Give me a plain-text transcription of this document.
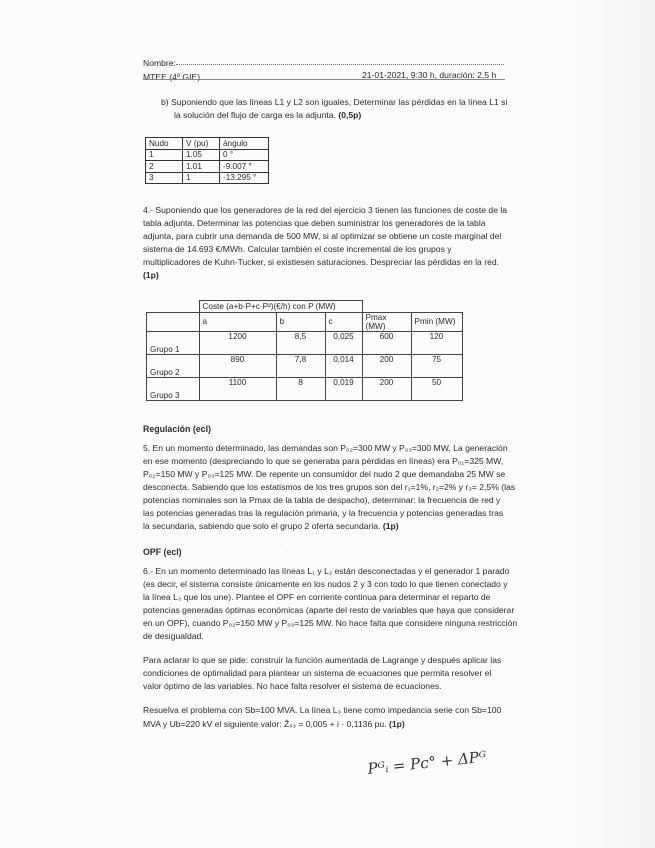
Nombre:
MTEE (4º GIE)	21-01-2021, 9:30 h, duración: 2,5 h

b) Suponiendo que las líneas L1 y L2 son iguales, Determinar las pérdidas en la línea L1 si

la solución del flujo de carga es la adjunta. (0,5p)

Nudo	V (pu)	ángulo
1	1.05	0 °
2	1.01	-9.007 °
3	1	-13.295 °

4.- Suponiendo que los generadores de la red del ejercicio 3 tienen las funciones de coste de la

tabla adjunta. Determinar las potencias que deben suministrar los generadores de la tabla

adjunta, para cubrir una demanda de 500 MW, si al optimizar se obtiene un coste marginal del

sistema de 14.693 €/MWh. Calcular también el coste incremental de los grupos y

multiplicadores de Kuhn-Tucker, si existiesen saturaciones. Despreciar las pérdidas en la red.

(1p)

	Coste (a+b·P+c·P²)(€/h) con P (MW)				
	a	b	c	Pmax (MW)	Pmin (MW)
Grupo 1	1200	8,5	0,025	600	120
Grupo 2	890	7,8	0,014	200	75
Grupo 3	1100	8	0,019	200	50
Regulación (ecl)

5. En un momento determinado, las demandas son P₀₂=300 MW y P₀₃=300 MW. La generación

en ese momento (despreciando lo que se generaba para pérdidas en líneas) era P₀₁=325 MW,

P₀₂=150 MW y P₀₃=125 MW. De repente un consumidor del nudo 2 que demandaba 25 MW se

desconecta. Sabiendo que los estatismos de los tres grupos son del r₁=1%, r₂=2% y r₃= 2,5% (las

potencias nominales son la Pmax de la tabla de despacho), determinar: la frecuencia de red y

las potencias generadas tras la regulación primaria, y la frecuencia y potencias generadas tras

la secundaria, sabiendo que solo el grupo 2 oferta secundaria. (1p)

OPF (ecl)

6.- En un momento determinado las líneas L₁ y L₂ están desconectadas y el generador 1 parado

(es decir, el sistema consiste únicamente en los nudos 2 y 3 con todo lo que tienen conectado y

la línea L₃ que los une). Plantee el OPF en corriente continua para determinar el reparto de

potencias generadas óptimas económicas (aparte del resto de variables que haya que considerar

en un OPF), cuando P₀₂=150 MW y P₀₃=125 MW. No hace falta que considere ninguna restricción

de desigualdad.

Para aclarar lo que se pide: construir la función aumentada de Lagrange y después aplicar las

condiciones de optimalidad para plantear un sistema de ecuaciones que permita resolver el

valor óptimo de las variables. No hace falta resolver el sistema de ecuaciones.

Resuelva el problema con Sb=100 MVA. La línea L₃ tiene como impedancia serie con Sb=100

MVA y Ub=220 kV el siguiente valor: Ẑₛ₃ = 0,005 + i · 0,1136 pu. (1p)

Pᴳᵢ = Pᴄ° + ΔPᴳ
,
